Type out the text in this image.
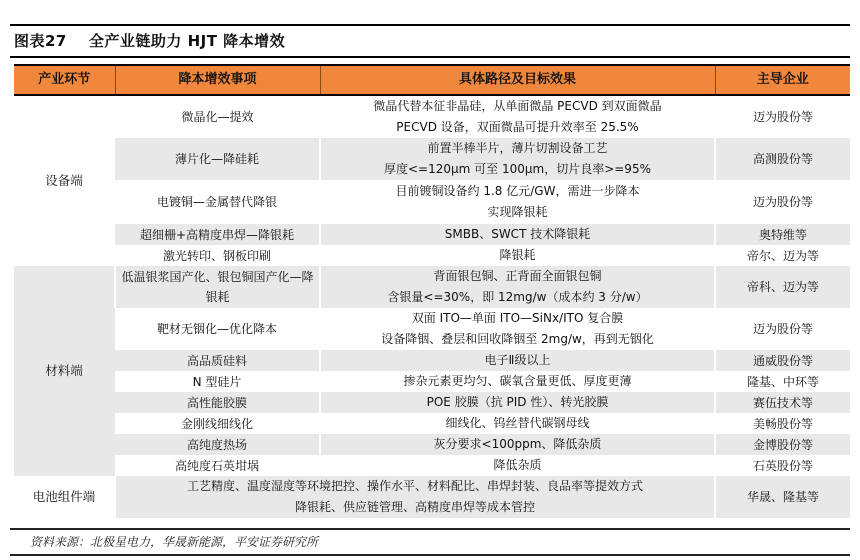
图表27 全产业链助力 HJT 降本增效
产业环节	降本增效事项	具体路径及目标效果	主导企业
设备端	微晶化—提效	微晶代替本征非晶硅，从单面微晶 PECVD 到双面微晶
PECVD 设备，双面微晶可提升效率至 25.5%	迈为股份等
	薄片化—降硅耗	前置半棒半片，薄片切割设备工艺
厚度<=120μm 可至 100μm，切片良率>=95%	高测股份等
	电镀铜—金属替代降银	目前镀铜设备约 1.8 亿元/GW，需进一步降本
实现降银耗	迈为股份等
	超细栅+高精度串焊—降银耗	SMBB、SWCT 技术降银耗	奥特维等
	激光转印、钢板印刷	降银耗	帝尔、迈为等
材料端	低温银浆国产化、银包铜国产化—降银耗	背面银包铜、正背面全面银包铜
含银量<=30%，即 12mg/w（成本约 3 分/w）	帝科、迈为等
	靶材无铟化—优化降本	双面 ITO—单面 ITO—SiNx/ITO 复合膜
设备降铟、叠层和回收降铟至 2mg/w，再到无铟化	迈为股份等
	高品质硅料	电子Ⅱ级以上	通威股份等
	N 型硅片	掺杂元素更均匀、碳氧含量更低、厚度更薄	隆基、中环等
	高性能胶膜	POE 胶膜（抗 PID 性）、转光胶膜	赛伍技术等
	金刚线细线化	细线化、钨丝替代碳钢母线	美畅股份等
	高纯度热场	灰分要求<100ppm、降低杂质	金博股份等
	高纯度石英坩埚	降低杂质	石英股份等
电池组件端	工艺精度、温度湿度等环境把控、操作水平、材料配比、串焊封装、良品率等提效方式
降银耗、供应链管理、高精度串焊等成本管控		华晟、隆基等
资料来源：北极星电力，华晟新能源，平安证券研究所
